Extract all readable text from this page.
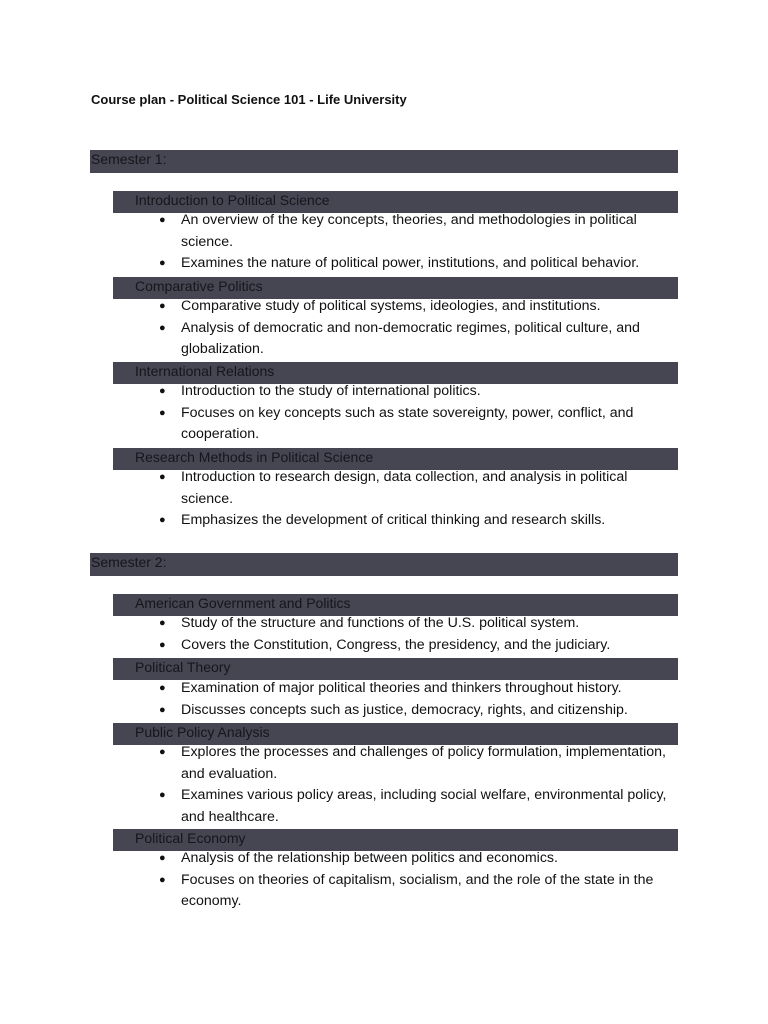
Course plan - Political Science 101 - Life University
Semester 1:
Introduction to Political Science
● An overview of the key concepts, theories, and methodologies in political science.
● Examines the nature of political power, institutions, and political behavior.
Comparative Politics
● Comparative study of political systems, ideologies, and institutions.
● Analysis of democratic and non-democratic regimes, political culture, and globalization.
International Relations
● Introduction to the study of international politics.
● Focuses on key concepts such as state sovereignty, power, conflict, and cooperation.
Research Methods in Political Science
● Introduction to research design, data collection, and analysis in political science.
● Emphasizes the development of critical thinking and research skills.
Semester 2:
American Government and Politics
● Study of the structure and functions of the U.S. political system.
● Covers the Constitution, Congress, the presidency, and the judiciary.
Political Theory
● Examination of major political theories and thinkers throughout history.
● Discusses concepts such as justice, democracy, rights, and citizenship.
Public Policy Analysis
● Explores the processes and challenges of policy formulation, implementation, and evaluation.
● Examines various policy areas, including social welfare, environmental policy, and healthcare.
Political Economy
● Analysis of the relationship between politics and economics.
● Focuses on theories of capitalism, socialism, and the role of the state in the economy.
